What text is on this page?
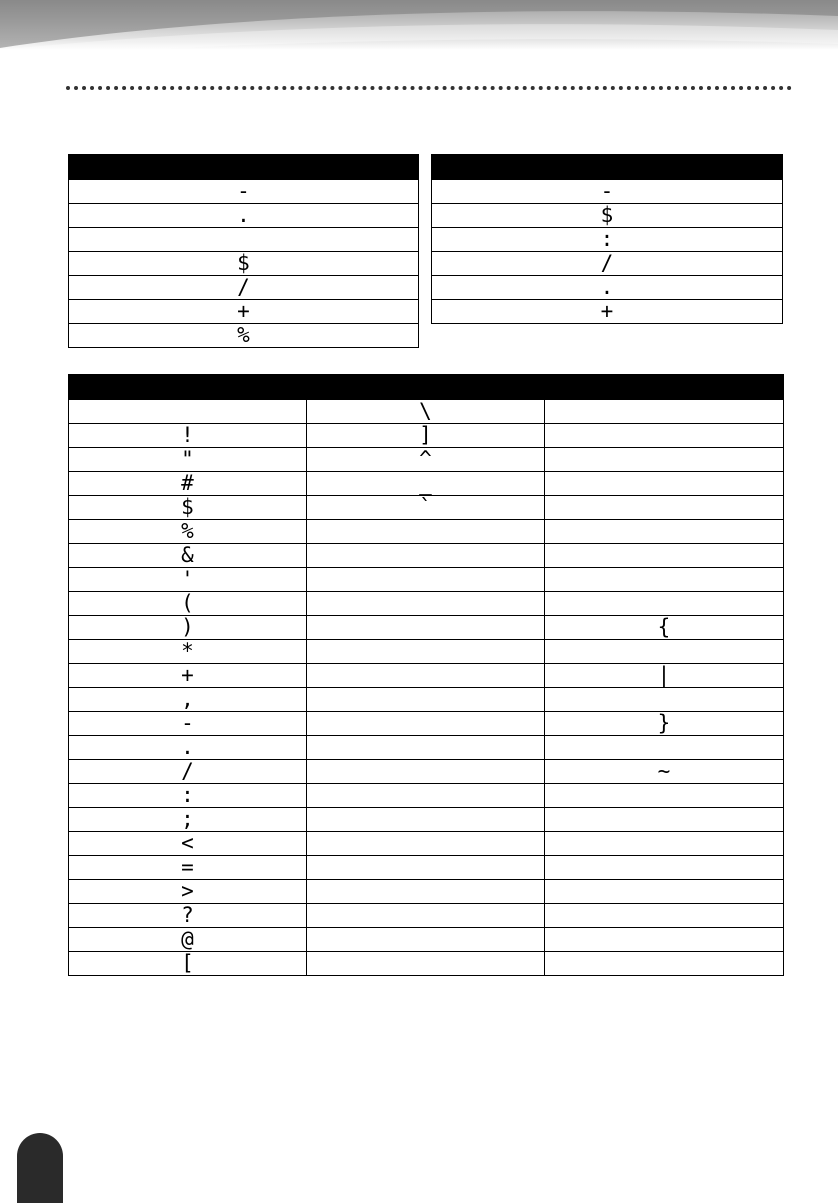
-
.

$
/
+
%

-
$
:
/
.
+

	\	
!	]	
"	^	
#	_	
$	`	
%		
&		
'		
(		
)		{
*		
+		|
,		
-		}
.		
/		~
:		
;		
<		
=		
>		
?		
@		
[		
